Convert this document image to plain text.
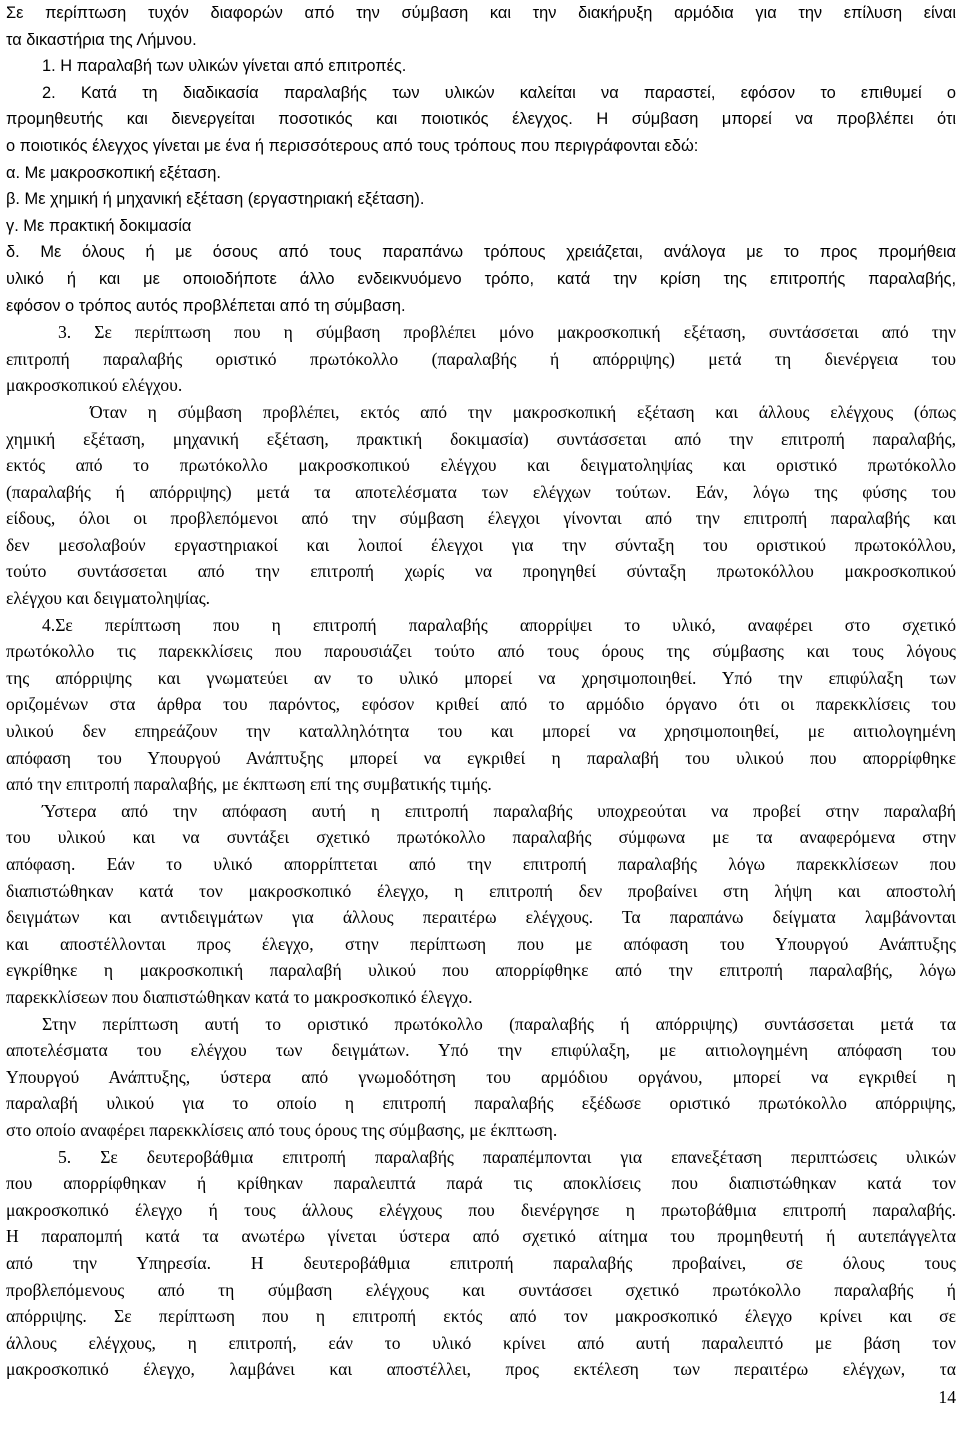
Σε περίπτωση τυχόν διαφορών από την σύμβαση και την διακήρυξη αρμόδια για την επίλυση είναι
τα δικαστήρια της Λήμνου.

1. Η παραλαβή των υλικών γίνεται από επιτροπές.

2. Κατά τη διαδικασία παραλαβής των υλικών καλείται να παραστεί, εφόσον το επιθυμεί ο
προμηθευτής και διενεργείται ποσοτικός και ποιοτικός έλεγχος. Η σύμβαση μπορεί να προβλέπει ότι
ο ποιοτικός έλεγχος γίνεται με ένα ή περισσότερους από τους τρόπους που περιγράφονται εδώ:

α. Με μακροσκοπική εξέταση.

β. Με χημική ή μηχανική εξέταση (εργαστηριακή εξέταση).

γ. Με πρακτική δοκιμασία

δ. Με όλους ή με όσους από τους παραπάνω τρόπους χρειάζεται, ανάλογα με το προς προμήθεια
υλικό ή και με οποιοδήποτε άλλο ενδεικνυόμενο τρόπο, κατά την κρίση της επιτροπής παραλαβής,
εφόσον ο τρόπος αυτός προβλέπεται από τη σύμβαση.

3. Σε περίπτωση που η σύμβαση προβλέπει μόνο μακροσκοπική εξέταση, συντάσσεται από την
επιτροπή παραλαβής οριστικό πρωτόκολλο (παραλαβής ή απόρριψης) μετά τη διενέργεια του
μακροσκοπικού ελέγχου.

Όταν η σύμβαση προβλέπει, εκτός από την μακροσκοπική εξέταση και άλλους ελέγχους (όπως
χημική εξέταση, μηχανική εξέταση, πρακτική δοκιμασία) συντάσσεται από την επιτροπή παραλαβής,
εκτός από το πρωτόκολλο μακροσκοπικού ελέγχου και δειγματοληψίας και οριστικό πρωτόκολλο
(παραλαβής ή απόρριψης) μετά τα αποτελέσματα των ελέγχων τούτων. Εάν, λόγω της φύσης του
είδους, όλοι οι προβλεπόμενοι από την σύμβαση έλεγχοι γίνονται από την επιτροπή παραλαβής και
δεν μεσολαβούν εργαστηριακοί και λοιποί έλεγχοι για την σύνταξη του οριστικού πρωτοκόλλου,
τούτο συντάσσεται από την επιτροπή χωρίς να προηγηθεί σύνταξη πρωτοκόλλου μακροσκοπικού
ελέγχου και δειγματοληψίας.

4.Σε περίπτωση που η επιτροπή παραλαβής απορρίψει το υλικό, αναφέρει στο σχετικό
πρωτόκολλο τις παρεκκλίσεις που παρουσιάζει τούτο από τους όρους της σύμβασης και τους λόγους
της απόρριψης και γνωματεύει αν το υλικό μπορεί να χρησιμοποιηθεί. Υπό την επιφύλαξη των
οριζομένων στα άρθρα του παρόντος, εφόσον κριθεί από το αρμόδιο όργανο ότι οι παρεκκλίσεις του
υλικού δεν επηρεάζουν την καταλληλότητα του και μπορεί να χρησιμοποιηθεί, με αιτιολογημένη
απόφαση του Υπουργού Ανάπτυξης μπορεί να εγκριθεί η παραλαβή του υλικού που απορρίφθηκε
από την επιτροπή παραλαβής, με έκπτωση επί της συμβατικής τιμής.

Ύστερα από την απόφαση αυτή η επιτροπή παραλαβής υποχρεούται να προβεί στην παραλαβή
του υλικού και να συντάξει σχετικό πρωτόκολλο παραλαβής σύμφωνα με τα αναφερόμενα στην
απόφαση. Εάν το υλικό απορρίπτεται από την επιτροπή παραλαβής λόγω παρεκκλίσεων που
διαπιστώθηκαν κατά τον μακροσκοπικό έλεγχο, η επιτροπή δεν προβαίνει στη λήψη και αποστολή
δειγμάτων και αντιδειγμάτων για άλλους περαιτέρω ελέγχους. Τα παραπάνω δείγματα λαμβάνονται
και αποστέλλονται προς έλεγχο, στην περίπτωση που με απόφαση του Υπουργού Ανάπτυξης
εγκρίθηκε η μακροσκοπική παραλαβή υλικού που απορρίφθηκε από την επιτροπή παραλαβής, λόγω
παρεκκλίσεων που διαπιστώθηκαν κατά το μακροσκοπικό έλεγχο.

Στην περίπτωση αυτή το οριστικό πρωτόκολλο (παραλαβής ή απόρριψης) συντάσσεται μετά τα
αποτελέσματα του ελέγχου των δειγμάτων. Υπό την επιφύλαξη, με αιτιολογημένη απόφαση του
Υπουργού Ανάπτυξης, ύστερα από γνωμοδότηση του αρμόδιου οργάνου, μπορεί να εγκριθεί η
παραλαβή υλικού για το οποίο η επιτροπή παραλαβής εξέδωσε οριστικό πρωτόκολλο απόρριψης,
στο οποίο αναφέρει παρεκκλίσεις από τους όρους της σύμβασης, με έκπτωση.

5. Σε δευτεροβάθμια επιτροπή παραλαβής παραπέμπονται για επανεξέταση περιπτώσεις υλικών
που απορρίφθηκαν ή κρίθηκαν παραλειπτά παρά τις αποκλίσεις που διαπιστώθηκαν κατά τον
μακροσκοπικό έλεγχο ή τους άλλους ελέγχους που διενέργησε η πρωτοβάθμια επιτροπή παραλαβής.
Η παραπομπή κατά τα ανωτέρω γίνεται ύστερα από σχετικό αίτημα του προμηθευτή ή αυτεπάγγελτα
από την Υπηρεσία. Η δευτεροβάθμια επιτροπή παραλαβής προβαίνει, σε όλους τους
προβλεπόμενους από τη σύμβαση ελέγχους και συντάσσει σχετικό πρωτόκολλο παραλαβής ή
απόρριψης. Σε περίπτωση που η επιτροπή εκτός από τον μακροσκοπικό έλεγχο κρίνει και σε
άλλους ελέγχους, η επιτροπή, εάν το υλικό κρίνει από αυτή παραλειπτό με βάση τον
μακροσκοπικό έλεγχο, λαμβάνει και αποστέλλει, προς εκτέλεση των περαιτέρω ελέγχων, τα

14
